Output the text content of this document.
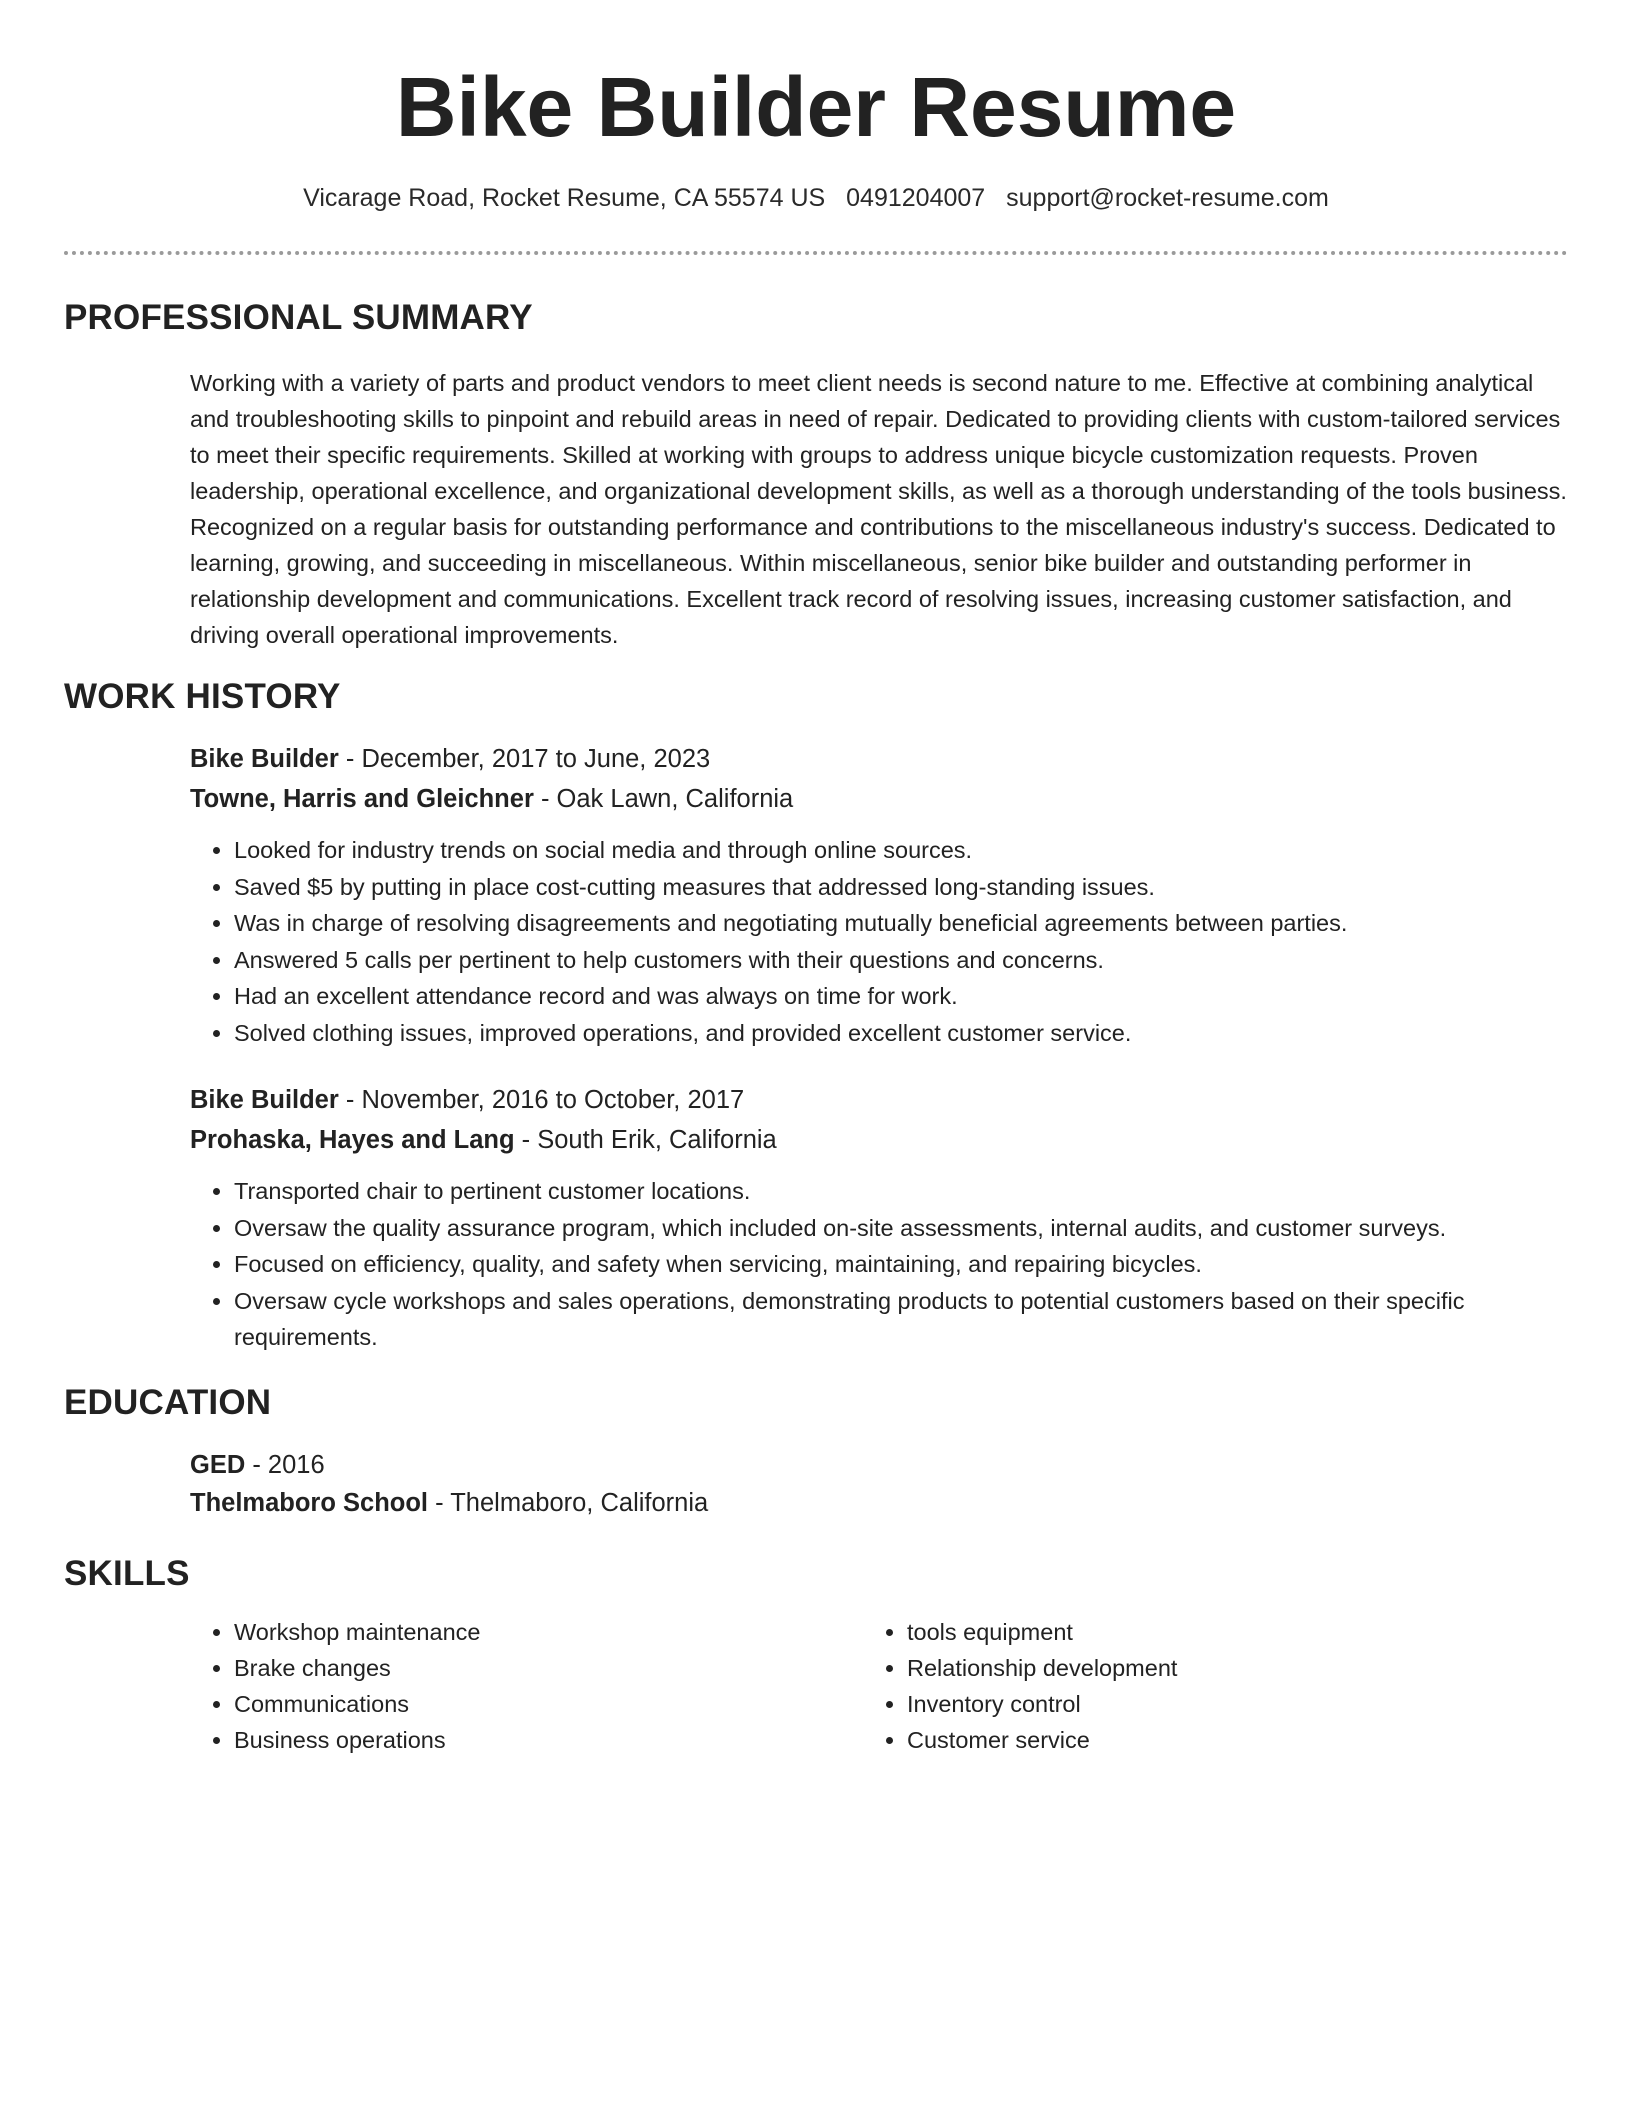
Bike Builder Resume
Vicarage Road, Rocket Resume, CA 55574 US 0491204007 support@rocket-resume.com
PROFESSIONAL SUMMARY

Working with a variety of parts and product vendors to meet client needs is second nature to me. Effective at combining analytical and troubleshooting skills to pinpoint and rebuild areas in need of repair. Dedicated to providing clients with custom-tailored services to meet their specific requirements. Skilled at working with groups to address unique bicycle customization requests. Proven leadership, operational excellence, and organizational development skills, as well as a thorough understanding of the tools business. Recognized on a regular basis for outstanding performance and contributions to the miscellaneous industry's success. Dedicated to learning, growing, and succeeding in miscellaneous. Within miscellaneous, senior bike builder and outstanding performer in relationship development and communications. Excellent track record of resolving issues, increasing customer satisfaction, and driving overall operational improvements.

WORK HISTORY
Bike Builder - December, 2017 to June, 2023
Towne, Harris and Gleichner - Oak Lawn, California
• Looked for industry trends on social media and through online sources.
• Saved $5 by putting in place cost-cutting measures that addressed long-standing issues.
• Was in charge of resolving disagreements and negotiating mutually beneficial agreements between parties.
• Answered 5 calls per pertinent to help customers with their questions and concerns.
• Had an excellent attendance record and was always on time for work.
• Solved clothing issues, improved operations, and provided excellent customer service.
Bike Builder - November, 2016 to October, 2017
Prohaska, Hayes and Lang - South Erik, California
• Transported chair to pertinent customer locations.
• Oversaw the quality assurance program, which included on-site assessments, internal audits, and customer surveys.
• Focused on efficiency, quality, and safety when servicing, maintaining, and repairing bicycles.
• Oversaw cycle workshops and sales operations, demonstrating products to potential customers based on their specific requirements.
EDUCATION
GED - 2016
Thelmaboro School - Thelmaboro, California
SKILLS
• Workshop maintenance
• Brake changes
• Communications
• Business operations
• tools equipment
• Relationship development
• Inventory control
• Customer service
